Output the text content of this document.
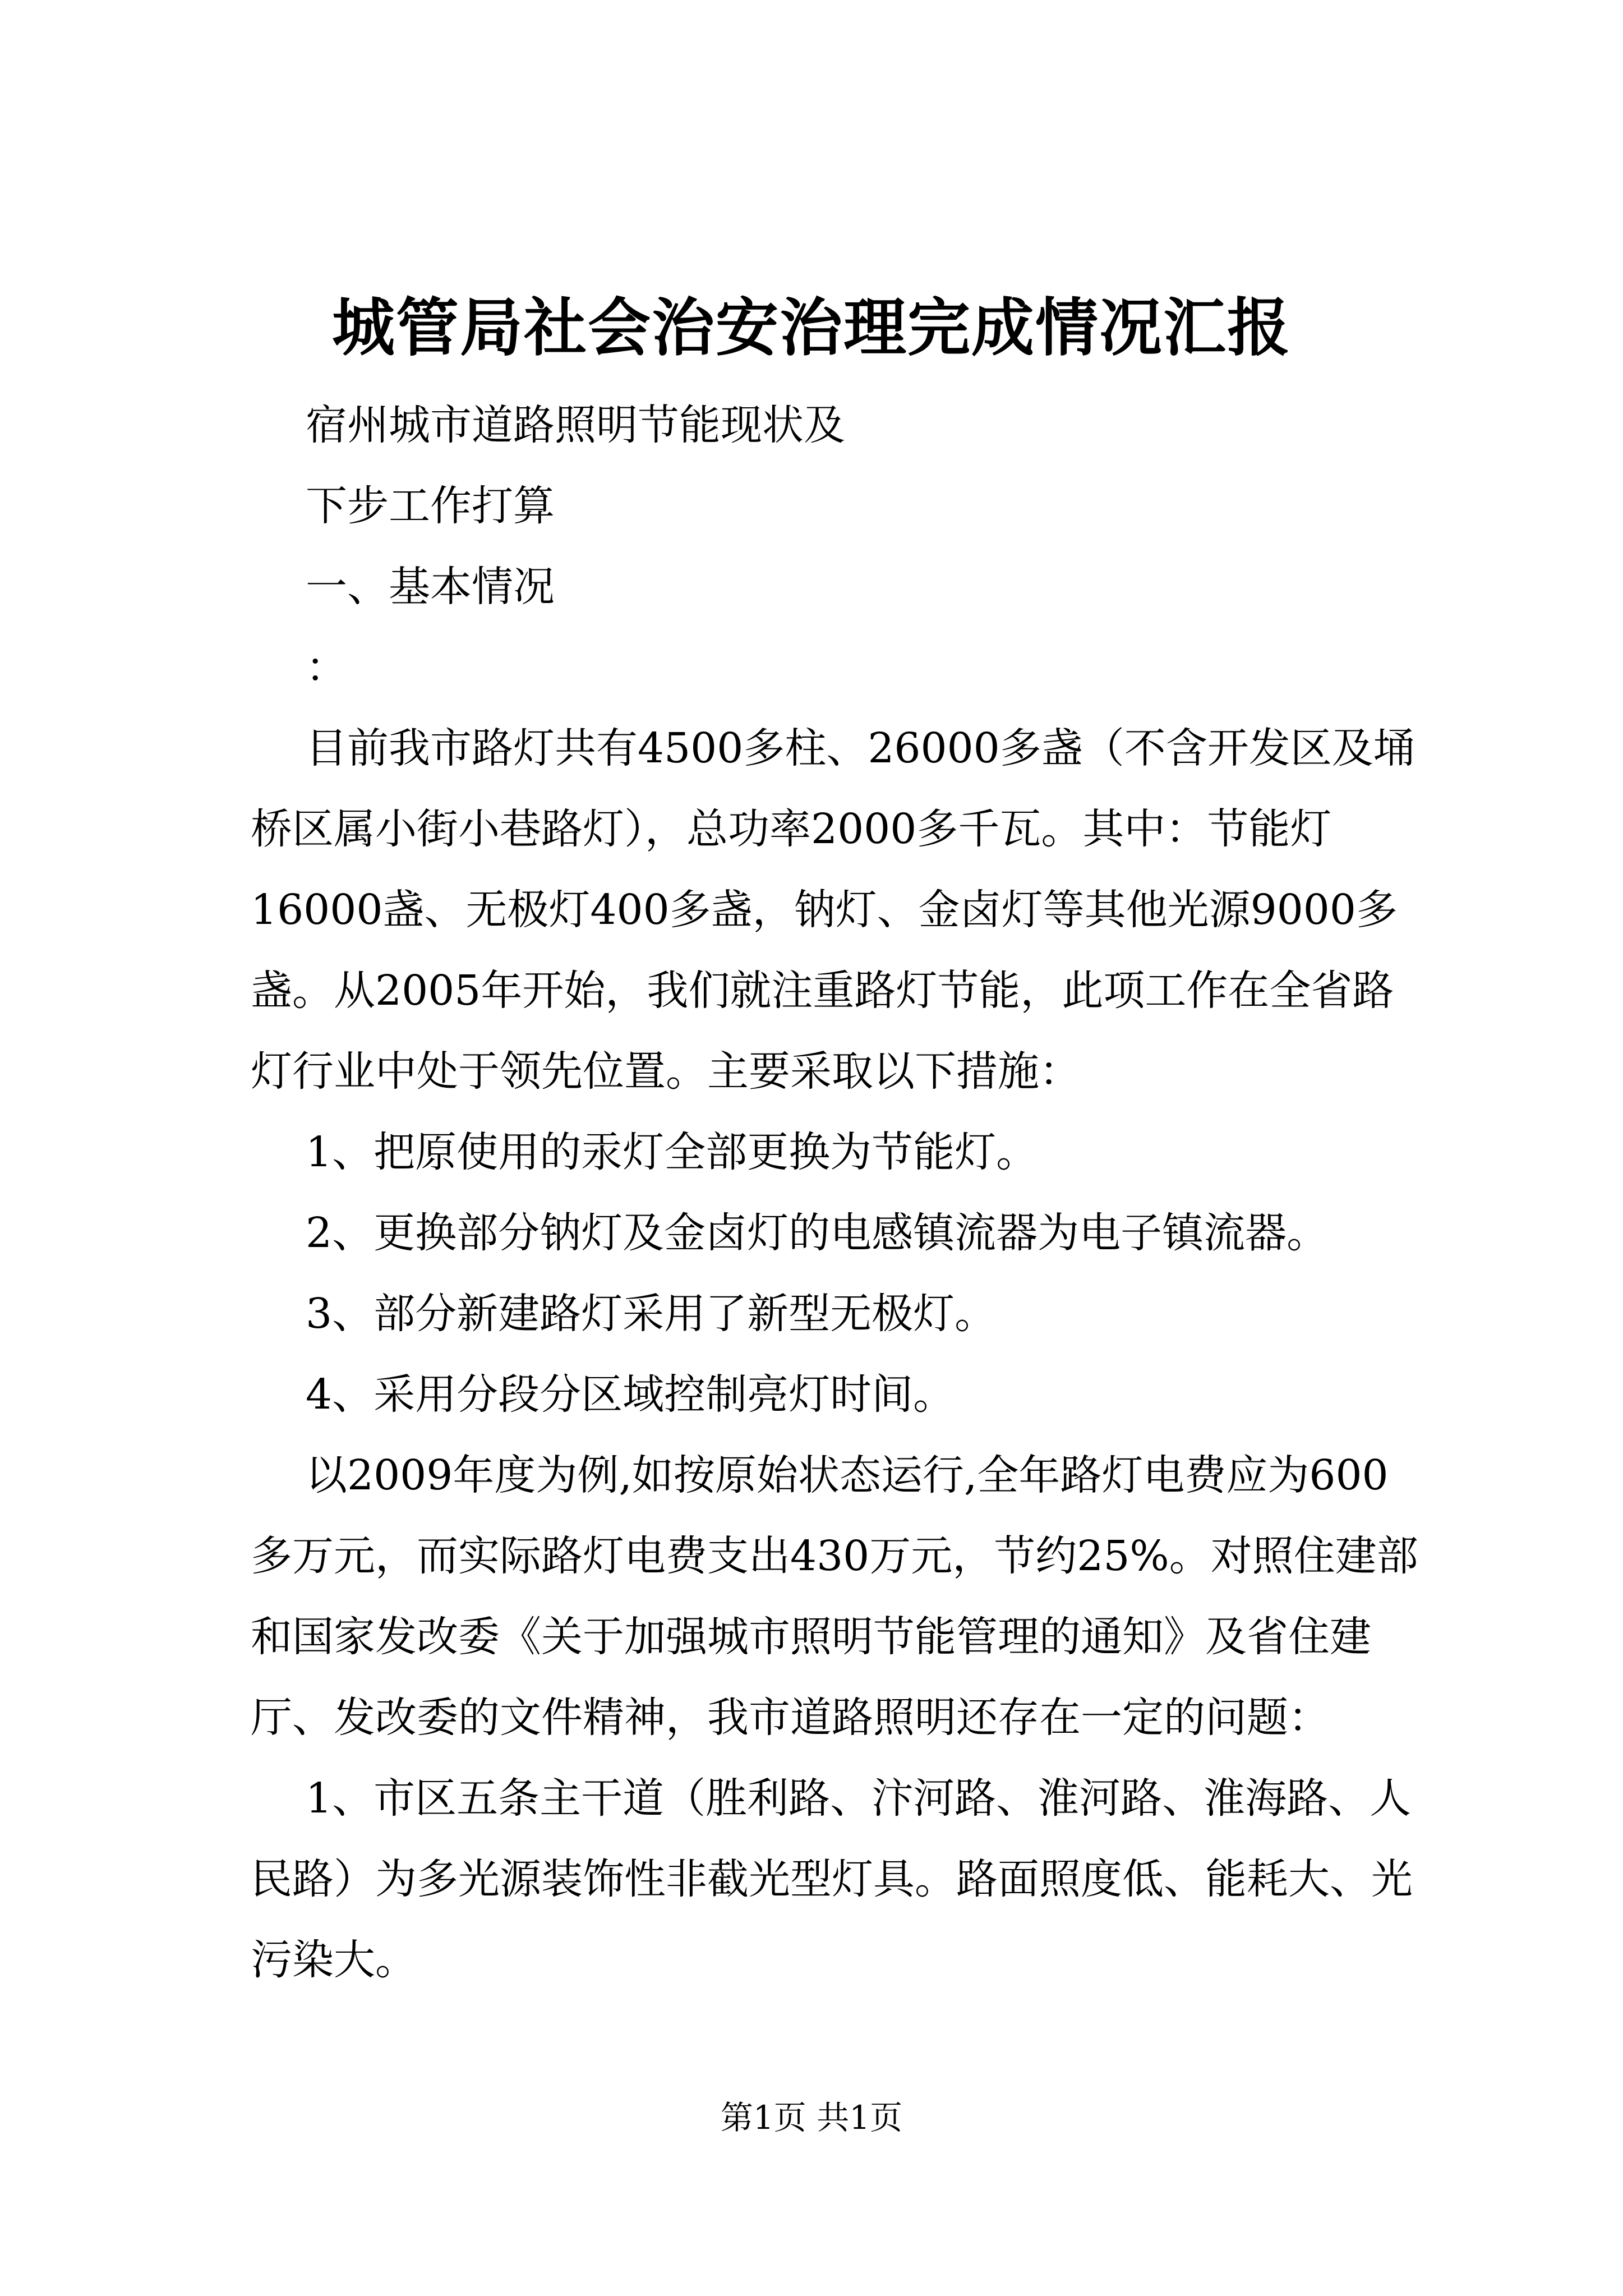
城管局社会治安治理完成情况汇报

宿州城市道路照明节能现状及

下步工作打算

一、基本情况

：

目前我市路灯共有4500多柱、26000多盏（不含开发区及埇桥区属小街小巷路灯），总功率2000多千瓦。其中：节能灯16000盏、无极灯400多盏，钠灯、金卤灯等其他光源9000多盏。从2005年开始，我们就注重路灯节能，此项工作在全省路灯行业中处于领先位置。主要采取以下措施：

1、把原使用的汞灯全部更换为节能灯。

2、更换部分钠灯及金卤灯的电感镇流器为电子镇流器。

3、部分新建路灯采用了新型无极灯。

4、采用分段分区域控制亮灯时间。

以2009年度为例,如按原始状态运行,全年路灯电费应为600多万元，而实际路灯电费支出430万元，节约25%。对照住建部和国家发改委《关于加强城市照明节能管理的通知》及省住建厅、发改委的文件精神，我市道路照明还存在一定的问题：

1、市区五条主干道（胜利路、汴河路、淮河路、淮海路、人民路）为多光源装饰性非截光型灯具。路面照度低、能耗大、光污染大。

第1页 共1页
